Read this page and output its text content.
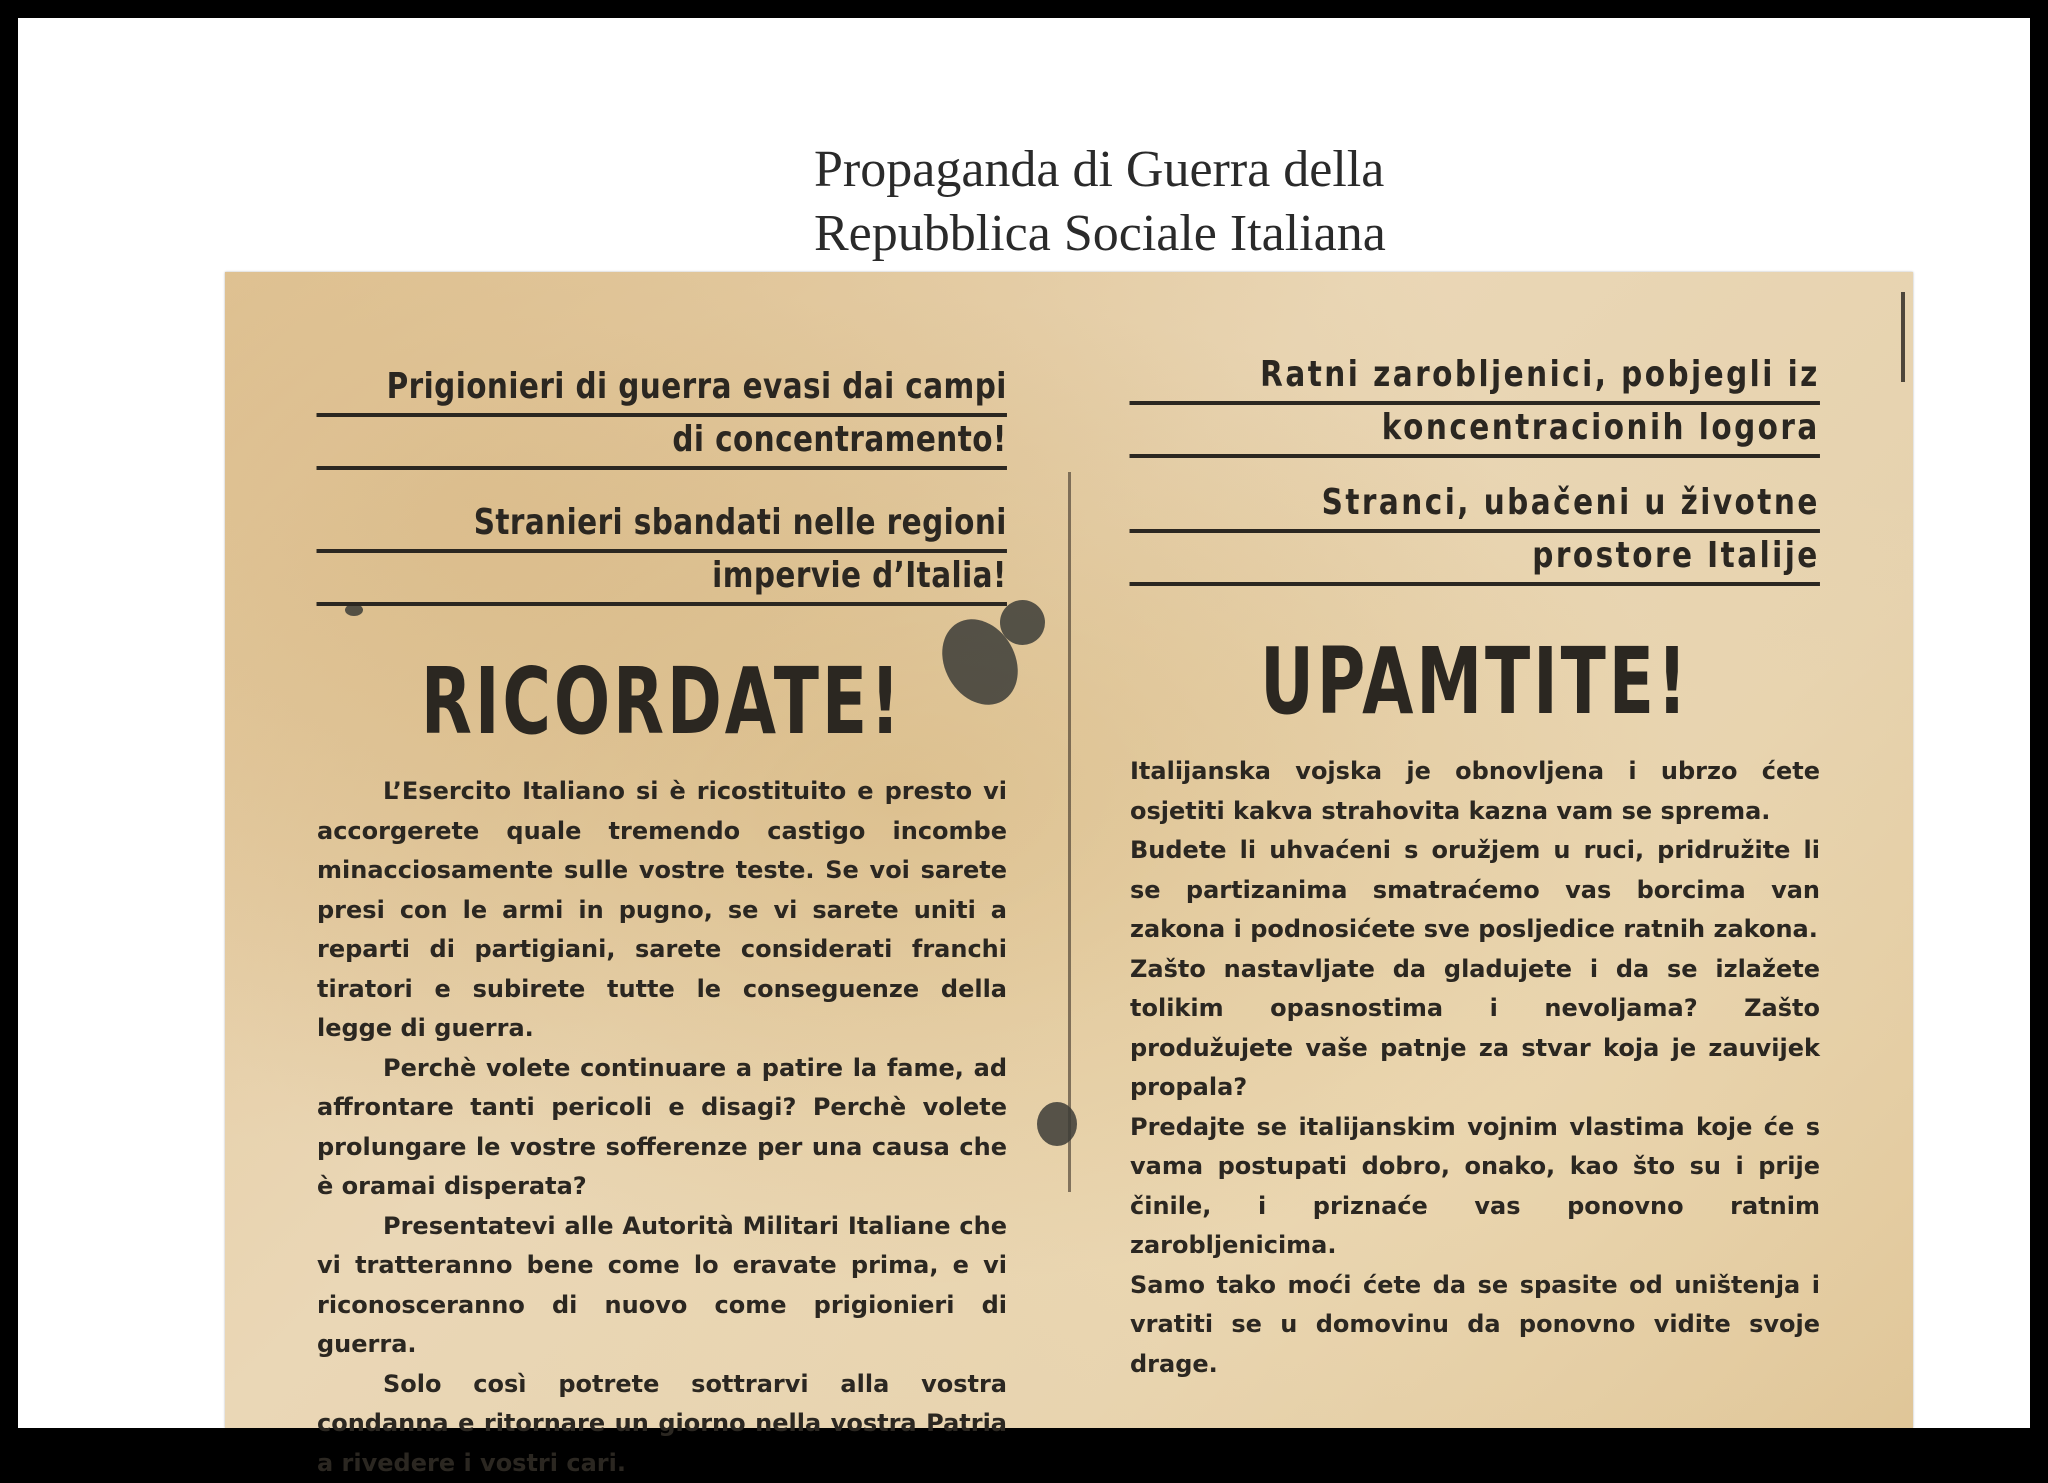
Propaganda di Guerra della
Repubblica Sociale Italiana
Prigionieri di guerra evasi dai campi
di concentramento!
Stranieri sbandati nelle regioni
impervie d’Italia!
RICORDATE!

L’Esercito Italiano si è ricostituito e presto vi accorgerete quale tremendo castigo incombe minacciosamente sulle vostre teste. Se voi sarete presi con le armi in pugno, se vi sarete uniti a reparti di partigiani, sarete considerati franchi tiratori e subirete tutte le conseguenze della legge di guerra.

Perchè volete continuare a patire la fame, ad affrontare tanti pericoli e disagi? Perchè volete prolungare le vostre sofferenze per una causa che è oramai disperata?

Presentatevi alle Autorità Militari Italiane che vi tratteranno bene come lo eravate prima, e vi riconosceranno di nuovo come prigionieri di guerra.

Solo così potrete sottrarvi alla vostra condanna e ritornare un giorno nella vostra Patria a rivedere i vostri cari.

Ratni zarobljenici, pobjegli iz
koncentracionih logora
Stranci, ubačeni u životne
prostore Italije
UPAMTITE!

Italijanska vojska je obnovljena i ubrzo ćete osjetiti kakva strahovita kazna vam se sprema.

Budete li uhvaćeni s oružjem u ruci, pridružite li se partizanima smatraćemo vas borcima van zakona i podnosićete sve posljedice ratnih zakona.

Zašto nastavljate da gladujete i da se izlažete tolikim opasnostima i nevoljama? Zašto produžujete vaše patnje za stvar koja je zauvijek propala?

Predajte se italijanskim vojnim vlastima koje će s vama postupati dobro, onako, kao što su i prije činile, i priznaće vas ponovno ratnim zarobljenicima.

Samo tako moći ćete da se spasite od uništenja i vratiti se u domovinu da ponovno vidite svoje drage.
